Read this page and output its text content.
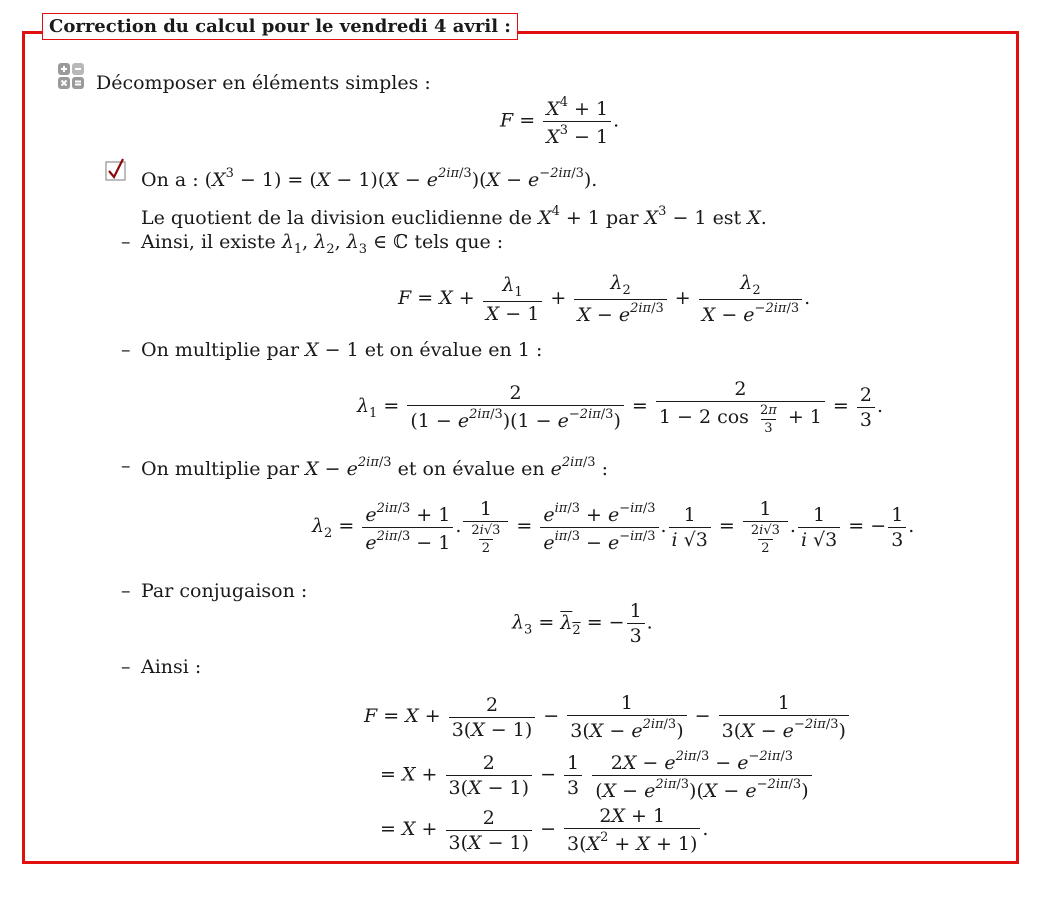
Correction du calcul pour le vendredi 4 avril :
Décomposer en éléments simples :
$F = \frac{X^4 + 1}{X^3 - 1}$ .
On a : $(X^3 - 1) = (X - 1)(X - e^{2i\pi/3})(X - e^{-2i\pi/3})$.
Le quotient de la division euclidienne de $X^4 + 1$ par $X^3 - 1$ est X.
– Ainsi, il existe $\lambda_1$, $\lambda_2$, $\lambda_3$ ∈ ℂ tels que :
$F = X + \frac{\lambda_1}{X - 1} + \frac{\lambda_2}{X - e^{2i\pi/3}} + \frac{\lambda_2}{X - e^{-2i\pi/3}}$ .
– On multiplie par X − 1 et on évalue en 1 :
$\lambda_1 = \frac{2}{(1 - e^{2i\pi/3})(1 - e^{-2i\pi/3})} = \frac{2}{1 - 2 \cos \frac{2\pi}{3} + 1} = \frac{2}{3}$ .
– On multiplie par $X - e^{2i\pi/3}$ et on évalue en $e^{2i\pi/3}$ :
$\lambda_2 = \frac{e^{2i\pi/3} + 1}{e^{2i\pi/3} - 1}$ . $\frac{1}{\frac{2i√3}{2}} = \frac{e^{i\pi/3} + e^{-i\pi/3}}{e^{i\pi/3} - e^{-i\pi/3}}$ . $\frac{1}{i √3} = \frac{1}{\frac{2i√3}{2}}$ . $\frac{1}{i √3}$ = − $\frac{1}{3}$ .
– Par conjugaison :
$\lambda_3 = \lambda_2$ = − $\frac{1}{3}$ .
– Ainsi :
$F = X + \frac{2}{3(X - 1)} - \frac{1}{3(X - e^{2i\pi/3})} - \frac{1}{3(X - e^{-2i\pi/3})}$
= $X + \frac{2}{3(X - 1)} - \frac{1}{3}$
$\frac{2X - e^{2i\pi/3} - e^{-2i\pi/3}}{(X - e^{2i\pi/3})(X - e^{-2i\pi/3})}$
= $X + \frac{2}{3(X - 1)} - \frac{2X + 1}{3(X^2 + X + 1)}$ .
